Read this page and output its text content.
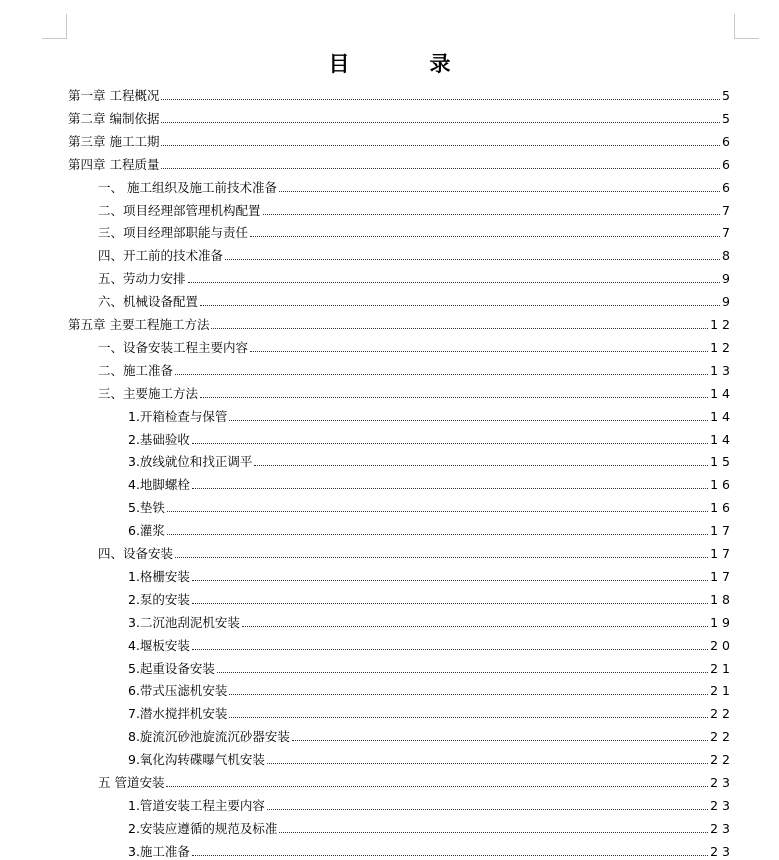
目	录
第一章 工程概况	5
第二章 编制依据	5
第三章 施工工期	6
第四章 工程质量	6
一、 施工组织及施工前技术准备	6
二、项目经理部管理机构配置	7
三、项目经理部职能与责任	7
四、开工前的技术准备	8
五、劳动力安排	9
六、机械设备配置	9
第五章 主要工程施工方法	12
一、设备安装工程主要内容	12
二、施工准备	13
三、主要施工方法	14
1.开箱检查与保管	14
2.基础验收	14
3.放线就位和找正调平	15
4.地脚螺栓	16
5.垫铁	16
6.灌浆	17
四、设备安装	17
1.格栅安装	17
2.泵的安装	18
3.二沉池刮泥机安装	19
4.堰板安装	20
5.起重设备安装	21
6.带式压滤机安装	21
7.潜水搅拌机安装	22
8.旋流沉砂池旋流沉砂器安装	22
9.氧化沟转碟曝气机安装	22
五 管道安装	23
1.管道安装工程主要内容	23
2.安装应遵循的规范及标准	23
3.施工准备	23
